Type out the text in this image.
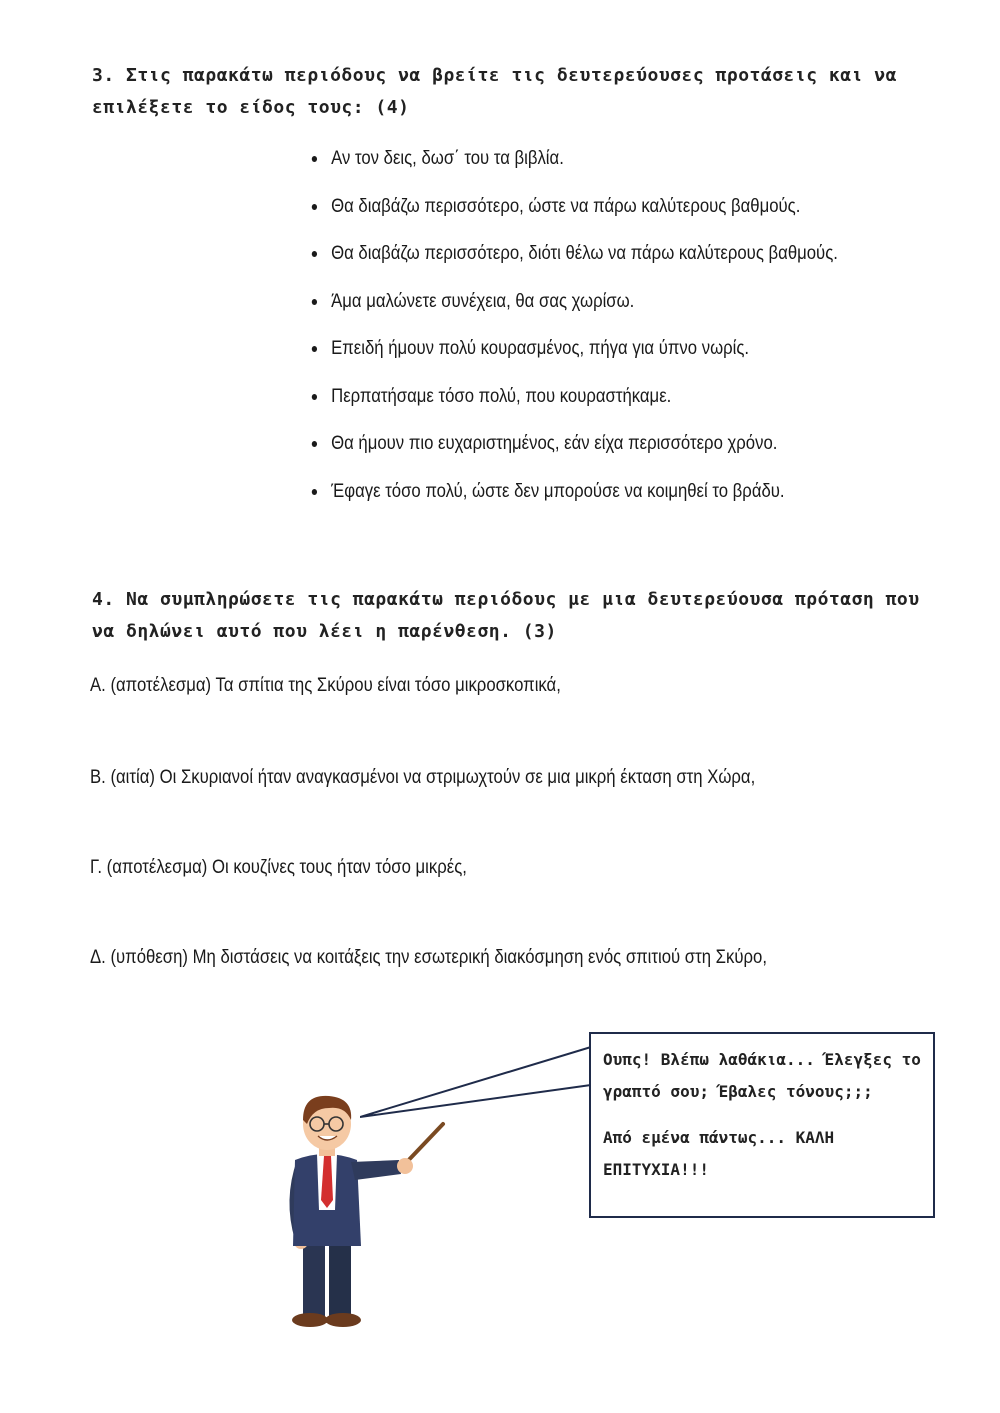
3. Στις παρακάτω περιόδους να βρείτε τις δευτερεύουσες προτάσεις και να επιλέξετε το είδος τους: (4)
Αν τον δεις, δωσ΄ του τα βιβλία.
Θα διαβάζω περισσότερο, ώστε να πάρω καλύτερους βαθμούς.
Θα διαβάζω περισσότερο, διότι θέλω να πάρω καλύτερους βαθμούς.
Άμα μαλώνετε συνέχεια, θα σας χωρίσω.
Επειδή ήμουν πολύ κουρασμένος, πήγα για ύπνο νωρίς.
Περπατήσαμε τόσο πολύ, που κουραστήκαμε.
Θα ήμουν πιο ευχαριστημένος, εάν είχα περισσότερο χρόνο.
Έφαγε τόσο πολύ, ώστε δεν μπορούσε να κοιμηθεί το βράδυ.
4. Να συμπληρώσετε τις παρακάτω περιόδους με μια δευτερεύουσα πρόταση που να δηλώνει αυτό που λέει η παρένθεση. (3)
Α. (αποτέλεσμα) Τα σπίτια της Σκύρου είναι τόσο μικροσκοπικά,
Β. (αιτία) Οι Σκυριανοί ήταν αναγκασμένοι να στριμωχτούν σε μια μικρή έκταση στη Χώρα,
Γ. (αποτέλεσμα) Οι κουζίνες τους ήταν τόσο μικρές,
Δ. (υπόθεση) Μη διστάσεις να κοιτάξεις την εσωτερική διακόσμηση ενός σπιτιού στη Σκύρο,

Ουπς! Βλέπω λαθάκια... Έλεγξες το γραπτό σου; Έβαλες τόνους;;;

Από εμένα πάντως... ΚΑΛΗ ΕΠΙΤΥΧΙΑ!!!
